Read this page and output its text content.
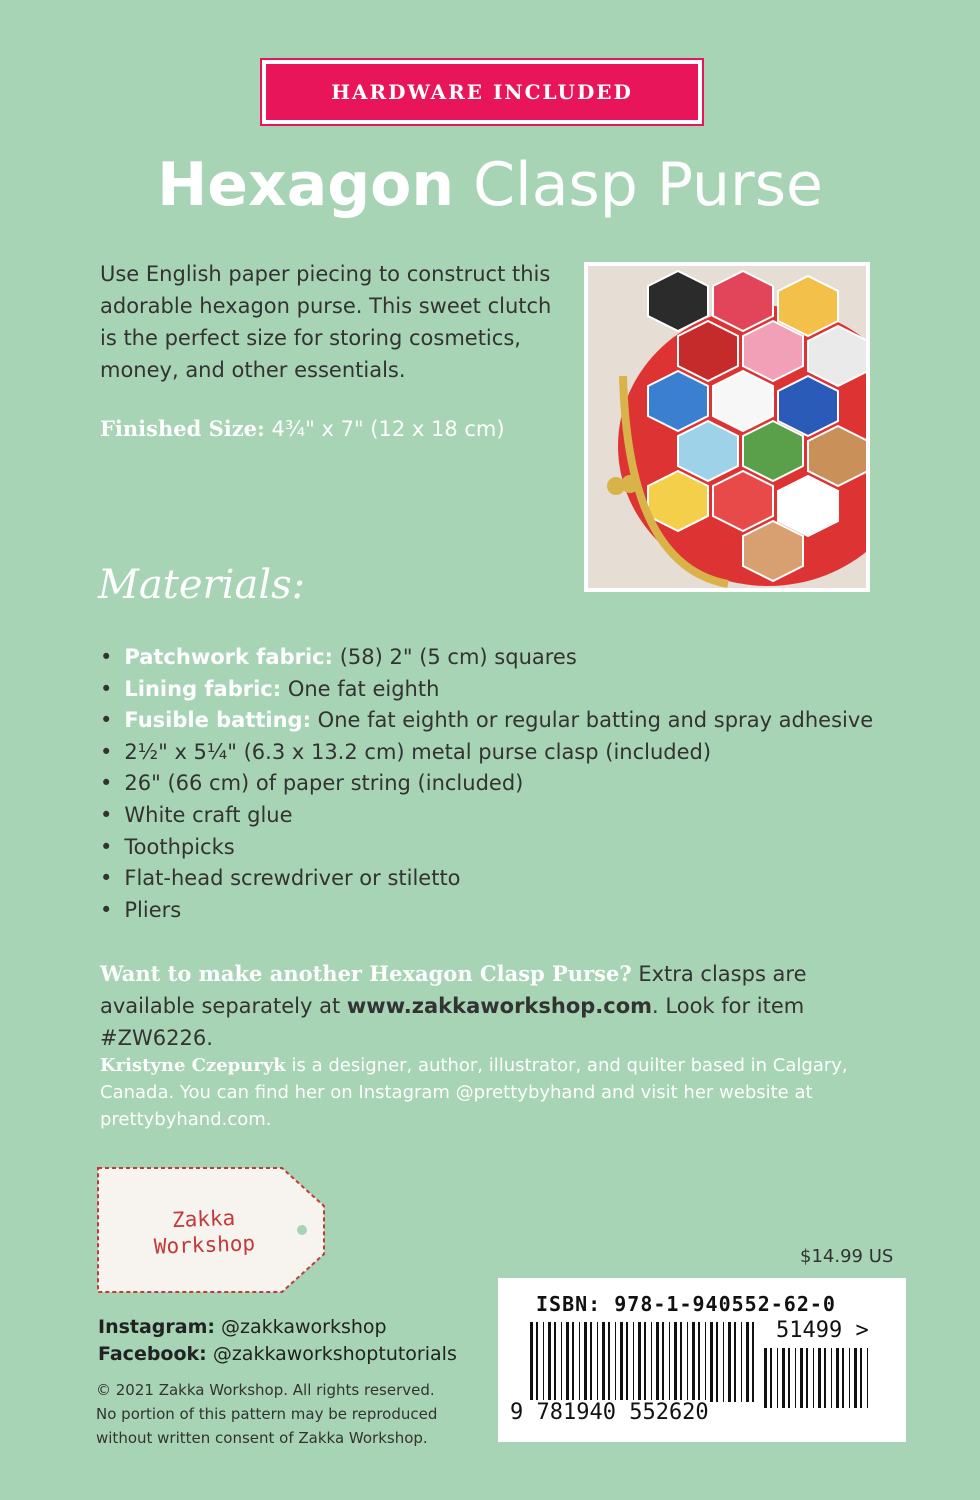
HARDWARE INCLUDED
Hexagon Clasp Purse
Use English paper piecing to construct this adorable hexagon purse. This sweet clutch is the perfect size for storing cosmetics, money, and other essentials.
Finished Size: 4¾" x 7" (12 x 18 cm)
Materials:
• Patchwork fabric: (58) 2" (5 cm) squares
• Lining fabric: One fat eighth
• Fusible batting: One fat eighth or regular batting and spray adhesive
• 2½" x 5¼" (6.3 x 13.2 cm) metal purse clasp (included)
• 26" (66 cm) of paper string (included)
• White craft glue
• Toothpicks
• Flat-head screwdriver or stiletto
• Pliers
Want to make another Hexagon Clasp Purse? Extra clasps are available separately at www.zakkaworkshop.com. Look for item #ZW6226.
Kristyne Czepuryk is a designer, author, illustrator, and quilter based in Calgary, Canada. You can find her on Instagram @prettybyhand and visit her website at prettybyhand.com.
Zakka
Workshop
Instagram: @zakkaworkshop
Facebook: @zakkaworkshoptutorials
© 2021 Zakka Workshop. All rights reserved.
No portion of this pattern may be reproduced
without written consent of Zakka Workshop.
$14.99 US
ISBN: 978-1-940552-62-0
9 781940 552620
51499 >
